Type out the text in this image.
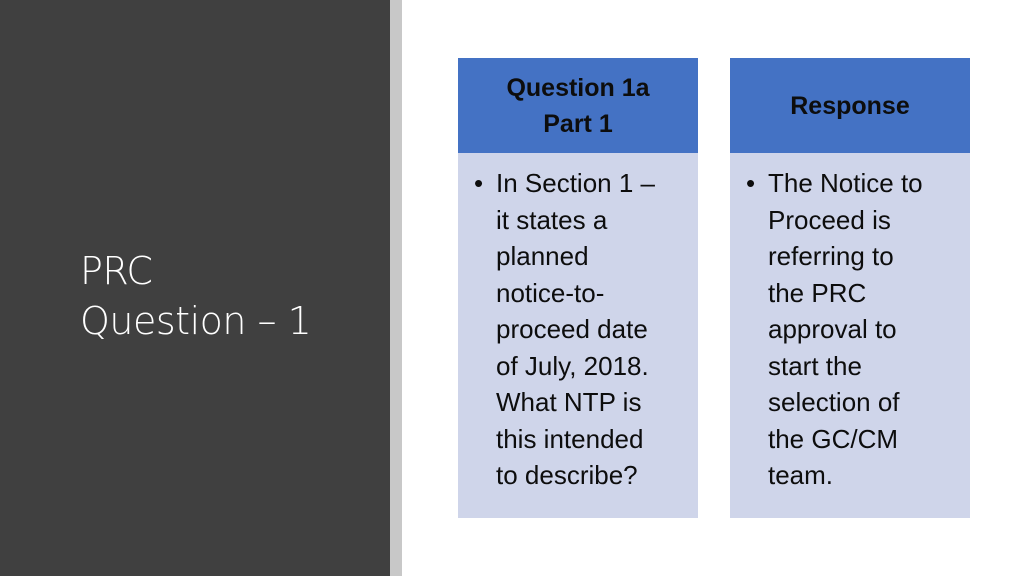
PRC
Question – 1
Question 1a
Part 1
• In Section 1 –
it states a
planned
notice-to-
proceed date
of July, 2018.
What NTP is
this intended
to describe?
Response
• The Notice to
Proceed is
referring to
the PRC
approval to
start the
selection of
the GC/CM
team.
